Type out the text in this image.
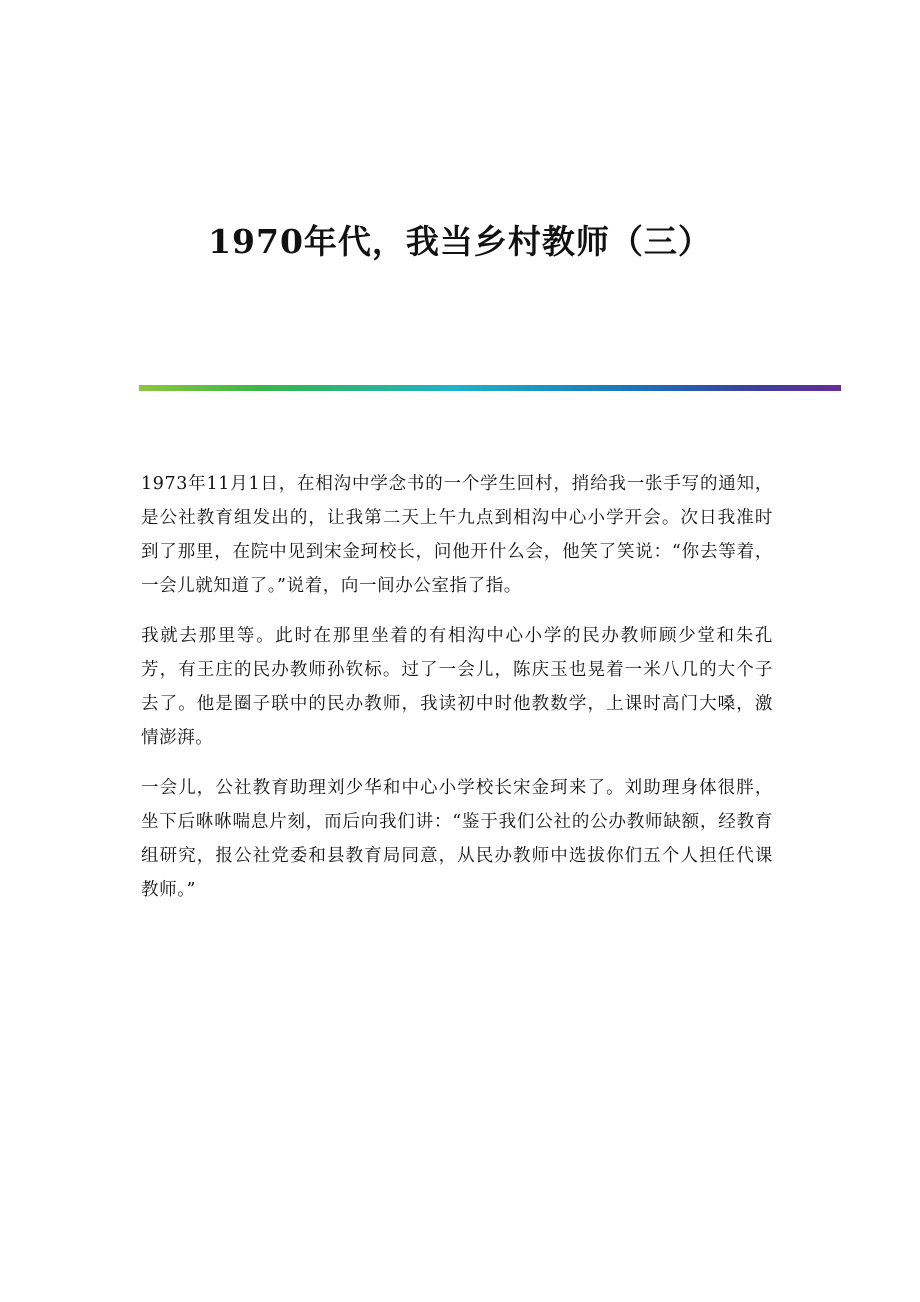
1970年代，我当乡村教师（三）

1973年11月1日，在相沟中学念书的一个学生回村，捎给我一张手写的通知，是公社教育组发出的，让我第二天上午九点到相沟中心小学开会。次日我准时到了那里，在院中见到宋金珂校长，问他开什么会，他笑了笑说：“你去等着，一会儿就知道了。”说着，向一间办公室指了指。

我就去那里等。此时在那里坐着的有相沟中心小学的民办教师顾少堂和朱孔芳，有王庄的民办教师孙钦标。过了一会儿，陈庆玉也晃着一米八几的大个子去了。他是圈子联中的民办教师，我读初中时他教数学，上课时高门大嗓，激情澎湃。

一会儿，公社教育助理刘少华和中心小学校长宋金珂来了。刘助理身体很胖，坐下后咻咻喘息片刻，而后向我们讲：“鉴于我们公社的公办教师缺额，经教育组研究，报公社党委和县教育局同意，从民办教师中选拔你们五个人担任代课教师。”
